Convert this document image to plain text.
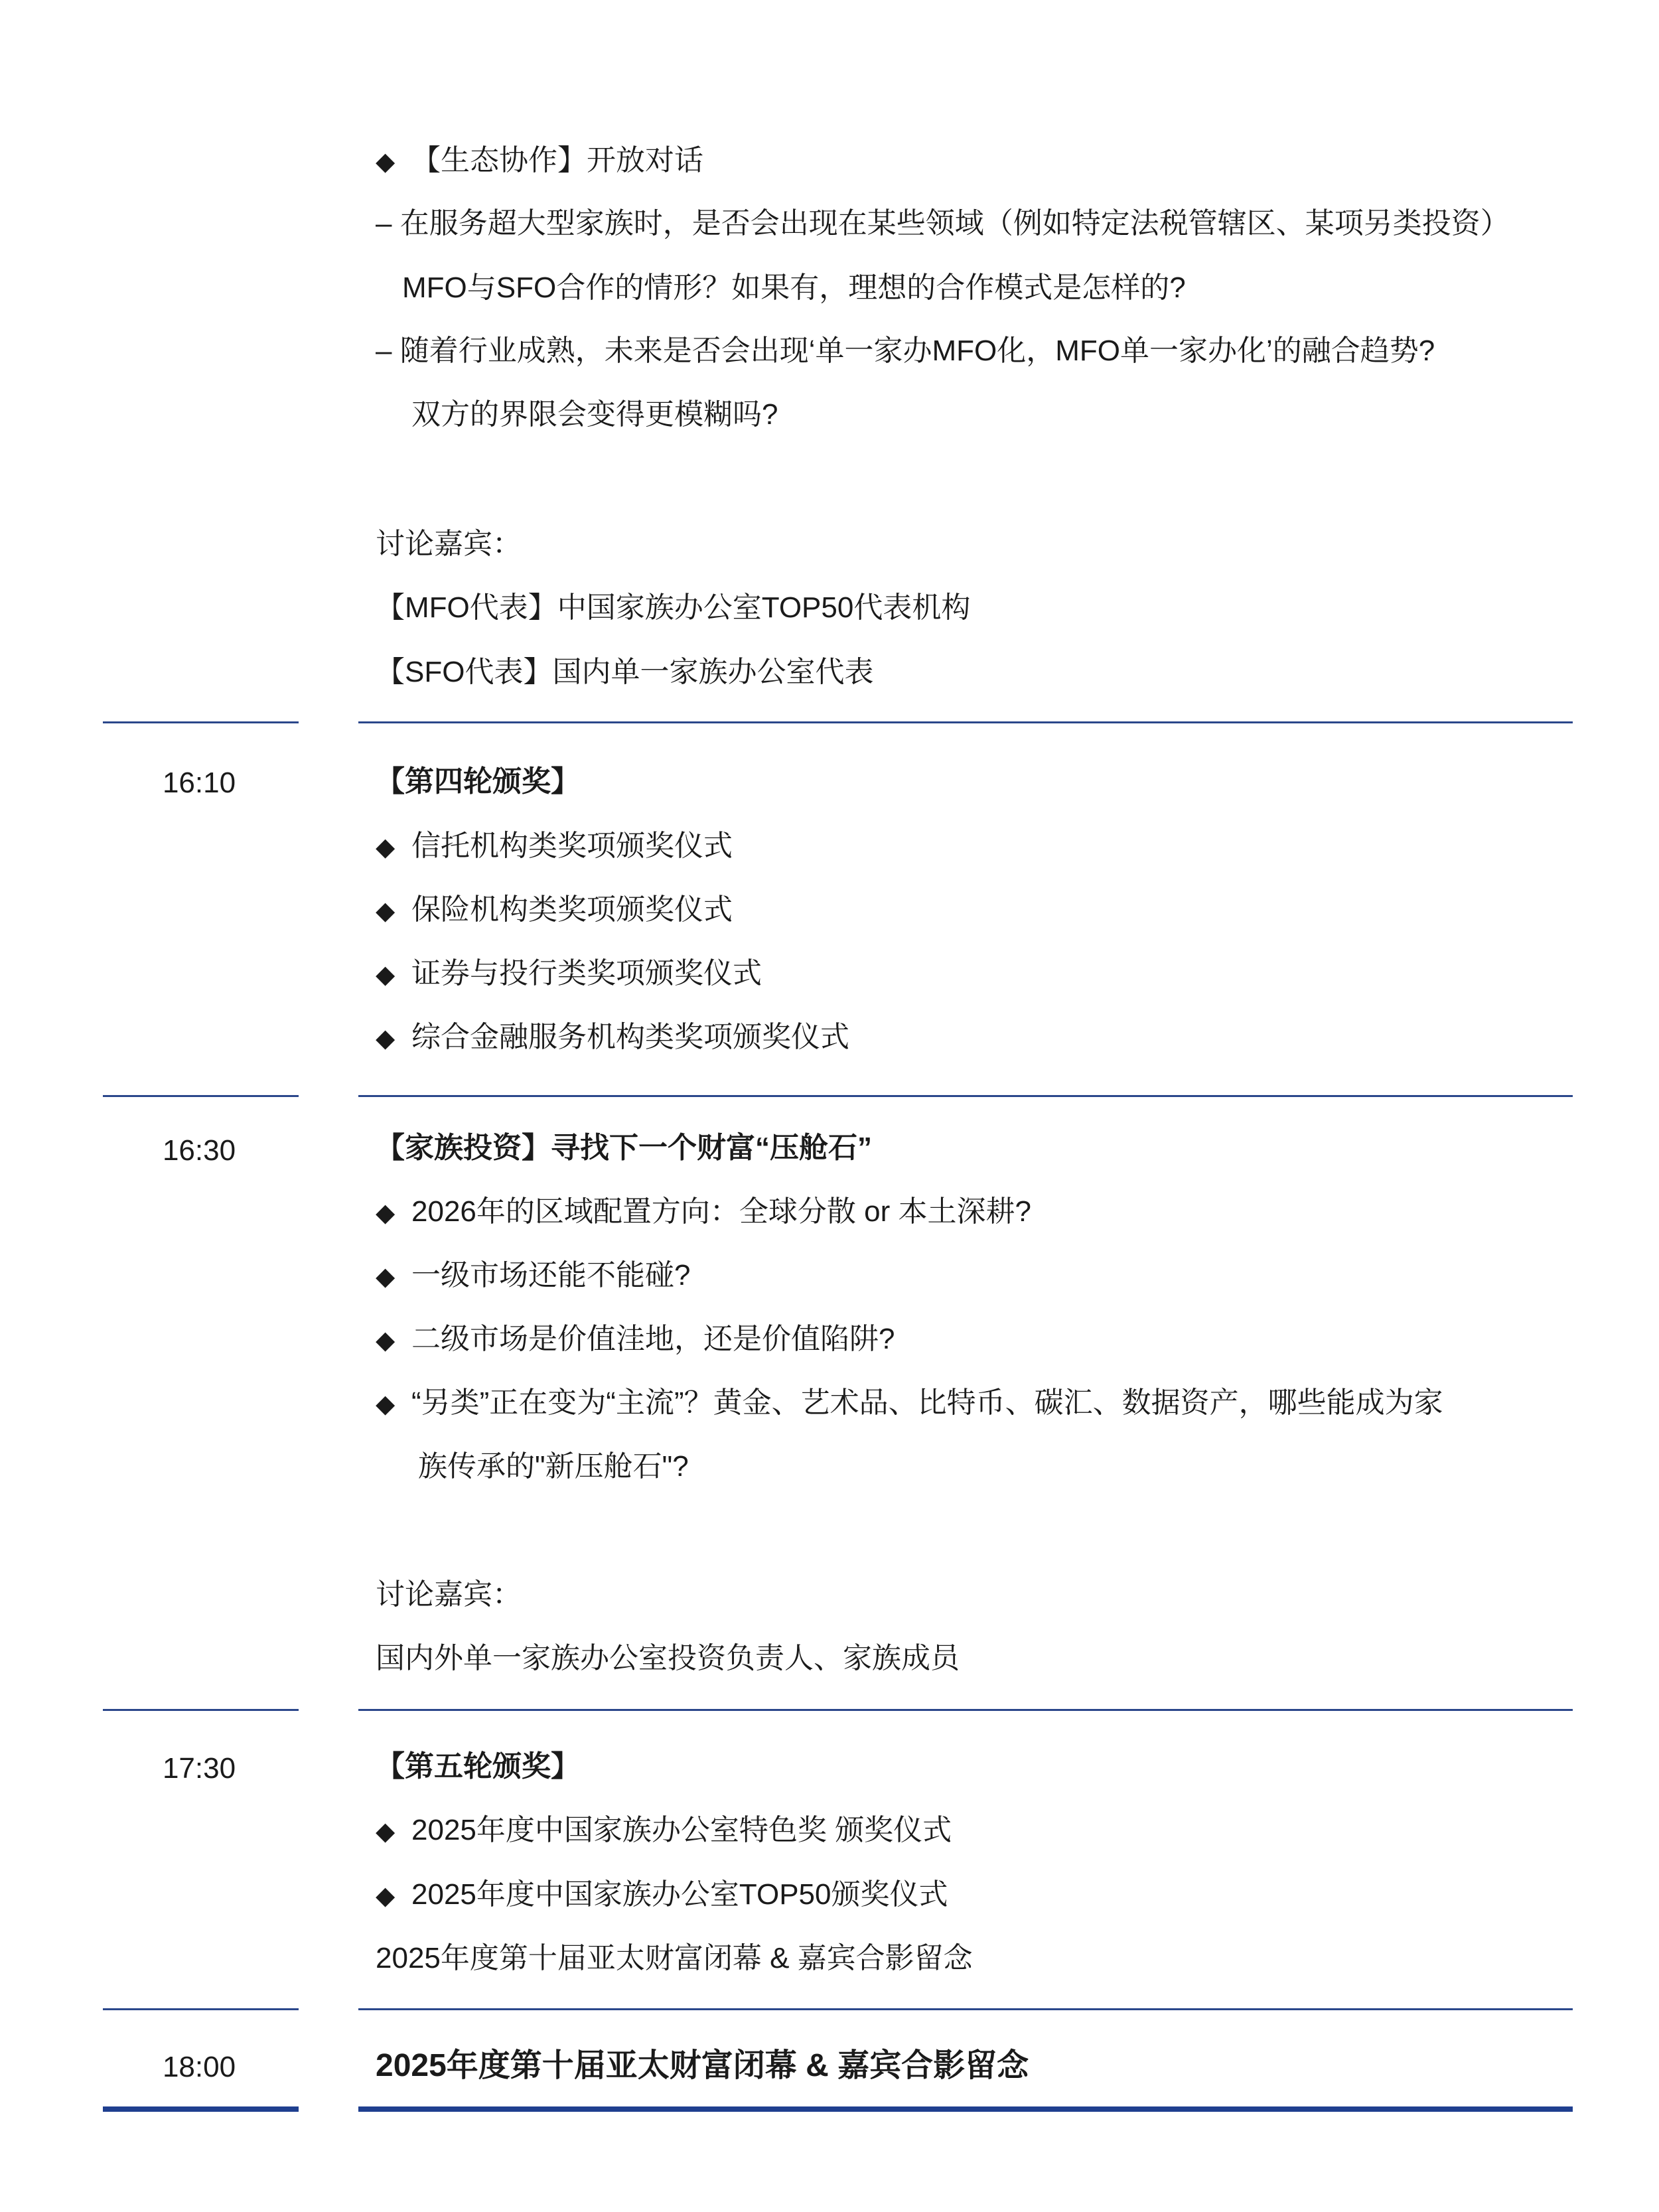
◆ 【生态协作】开放对话
– 在服务超大型家族时，是否会出现在某些领域（例如特定法税管辖区、某项另类投资）
MFO与SFO合作的情形？如果有，理想的合作模式是怎样的?
– 随着行业成熟，未来是否会出现‘单一家办MFO化，MFO单一家办化’的融合趋势?
双方的界限会变得更模糊吗?
讨论嘉宾：
【MFO代表】中国家族办公室TOP50代表机构
【SFO代表】国内单一家族办公室代表
16:10	【第四轮颁奖】
◆ 信托机构类奖项颁奖仪式
◆ 保险机构类奖项颁奖仪式
◆ 证券与投行类奖项颁奖仪式
◆ 综合金融服务机构类奖项颁奖仪式
16:30	【家族投资】寻找下一个财富“压舱石”
◆ 2026年的区域配置方向：全球分散 or 本土深耕?
◆ 一级市场还能不能碰?
◆ 二级市场是价值洼地，还是价值陷阱?
◆ “另类”正在变为“主流”？黄金、艺术品、比特币、碳汇、数据资产，哪些能成为家
族传承的"新压舱石"?
讨论嘉宾：
国内外单一家族办公室投资负责人、家族成员
17:30	【第五轮颁奖】
◆ 2025年度中国家族办公室特色奖 颁奖仪式
◆ 2025年度中国家族办公室TOP50颁奖仪式
2025年度第十届亚太财富闭幕 & 嘉宾合影留念
18:00	2025年度第十届亚太财富闭幕 & 嘉宾合影留念
